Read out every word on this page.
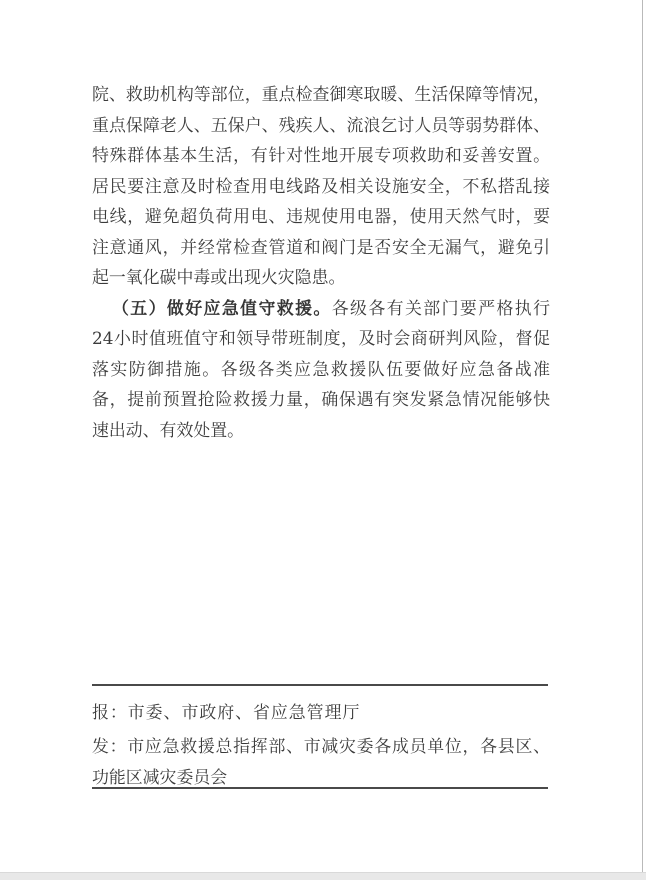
院、救助机构等部位，重点检查御寒取暖、生活保障等情况，
重点保障老人、五保户、残疾人、流浪乞讨人员等弱势群体、
特殊群体基本生活，有针对性地开展专项救助和妥善安置。
居民要注意及时检查用电线路及相关设施安全，不私搭乱接
电线，避免超负荷用电、违规使用电器，使用天然气时，要
注意通风，并经常检查管道和阀门是否安全无漏气，避免引
起一氧化碳中毒或出现火灾隐患。
（五）做好应急值守救援。各级各有关部门要严格执行
24小时值班值守和领导带班制度，及时会商研判风险，督促
落实防御措施。各级各类应急救援队伍要做好应急备战准
备，提前预置抢险救援力量，确保遇有突发紧急情况能够快
速出动、有效处置。
报：市委、市政府、省应急管理厅
发：市应急救援总指挥部、市减灾委各成员单位，各县区、
功能区减灾委员会
